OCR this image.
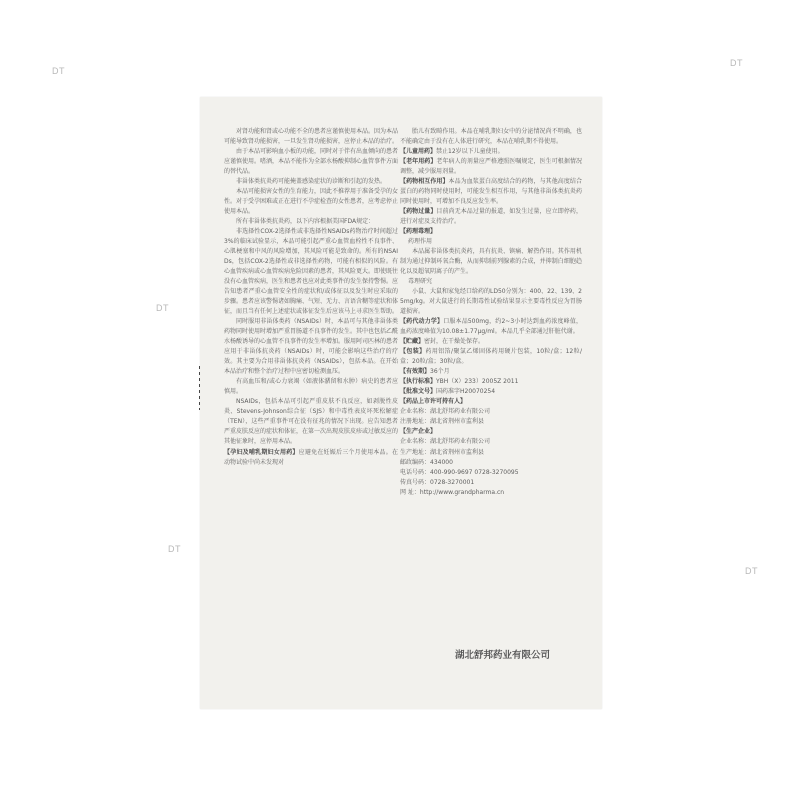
DT
DT
DT
DT
DT

对肾功能和肾或心功能不全的患者应谨慎使用本品。因为本品可能导致肾功能损害，一旦发生肾功能损害，应停止本品的治疗。

由于本品可影响血小板的功能，同时对于伴有出血倾向的患者应谨慎使用。嗜酒，本品不能作为全部水杨酸抑制心血管事件方面的替代品。

非甾体类抗炎药可能掩盖感染症状的诊断和引起的发热。

本品可能损害女性的生育能力，因此不推荐用于准备受孕的女性。对于受孕困难或正在进行不孕症检查的女性患者，应考虑停止使用本品。

所有非甾体类抗炎药，以下内容根据美国FDA规定：

非选择性COX-2选择性或非选择性NSAIDs药物治疗时间超过3%的临床试验显示，本品可能引起严重心血管血栓性不良事件、心肌梗塞和中风的风险增加，其风险可能是致命的。所有的NSAIDs，包括COX-2选择性或非选择性药物，可能有相似的风险。有心血管疾病或心血管疾病危险因素的患者，其风险更大。即使既往没有心血管疾病，医生和患者也应对此类事件的发生保持警惕。应告知患者严重心血管安全性的症状和/或体征以及发生时应采取的步骤。患者应该警惕诸如胸痛、气短、无力、言语含糊等症状和体征，而且当有任何上述症状或体征发生后应该马上寻求医生帮助。

同时服用非甾体类药（NSAIDs）时，本品可与其他非甾体类药物同时使用时增加严重胃肠道不良事件的发生。其中也包括乙酰水杨酸诱导的心血管不良事件的发生率增加。服用阿司匹林的患者应用于非甾体抗炎药（NSAIDs）时，可能会影响这些治疗的疗效。其主要为合用非甾体抗炎药（NSAIDs），包括本品。在开始本品治疗和整个治疗过程中应密切检测血压。

有高血压和/或心力衰竭（如液体潴留和水肿）病史的患者应慎用。

NSAIDs，包括本品可引起严重皮肤不良反应，如剥脱性皮炎、Stevens-Johnson综合征（SJS）和中毒性表皮坏死松解症（TEN），这些严重事件可在没有征兆的情况下出现。应告知患者严重皮肤反应的症状和体征，在第一次出现皮肤皮疹或过敏反应的其他征象时，应停用本品。

【孕妇及哺乳期妇女用药】应避免在妊娠后三个月使用本品。在动物试验中尚未发现对

胎儿有致畸作用。本品在哺乳期妇女中的分泌情况尚不明确，也不能确定由于没有在人体进行研究，本品在哺乳期不得使用。

【儿童用药】禁止12岁以下儿童使用。

【老年用药】老年病人的剂量应严格遵照医嘱规定，医生可根据情况调整，减少服用剂量。

【药物相互作用】本品为血浆蛋白高度结合的药物，与其他高度结合蛋白的药物同时使用时，可能发生相互作用，与其他非甾体类抗炎药同时使用时，可增加不良反应发生率。

【药物过量】目前尚无本品过量的报道，如发生过量，应立即停药，进行对症及支持治疗。

【药理毒理】

药理作用

本品属非甾体类抗炎药，具有抗炎、镇痛、解热作用。其作用机制为通过抑制环氧合酶，从而抑制前列腺素的合成，并抑制白细胞趋化以及超氧阴离子的产生。

毒理研究

小鼠、大鼠和家兔经口给药的LD50分别为：400、22、139、25mg/kg。对大鼠进行的长期毒性试验结果显示主要毒性反应为胃肠道损害。

【药代动力学】口服本品500mg，约2~3小时达到血药浓度峰值，血药浓度峰值为10.08±1.77μg/ml。本品几乎全部通过肝脏代谢。

【贮藏】密封，在干燥处保存。

【包装】药用铝箔/聚氯乙烯固体药用硬片包装，10粒/盒；12粒/盒；20粒/盒；30粒/盒。

【有效期】36个月

【执行标准】YBH（X）233）2005Z 2011

【批准文号】国药准字H20070254

【药品上市许可持有人】

企业名称：湖北舒邦药业有限公司

注册地址：湖北省荆州市监利县

【生产企业】

企业名称：湖北舒邦药业有限公司

生产地址：湖北省荆州市监利县

邮政编码：434000

电话号码：400-990-9697 0728-3270095

传真号码：0728-3270001

网 址：http://www.grandpharma.cn

湖北舒邦药业有限公司
